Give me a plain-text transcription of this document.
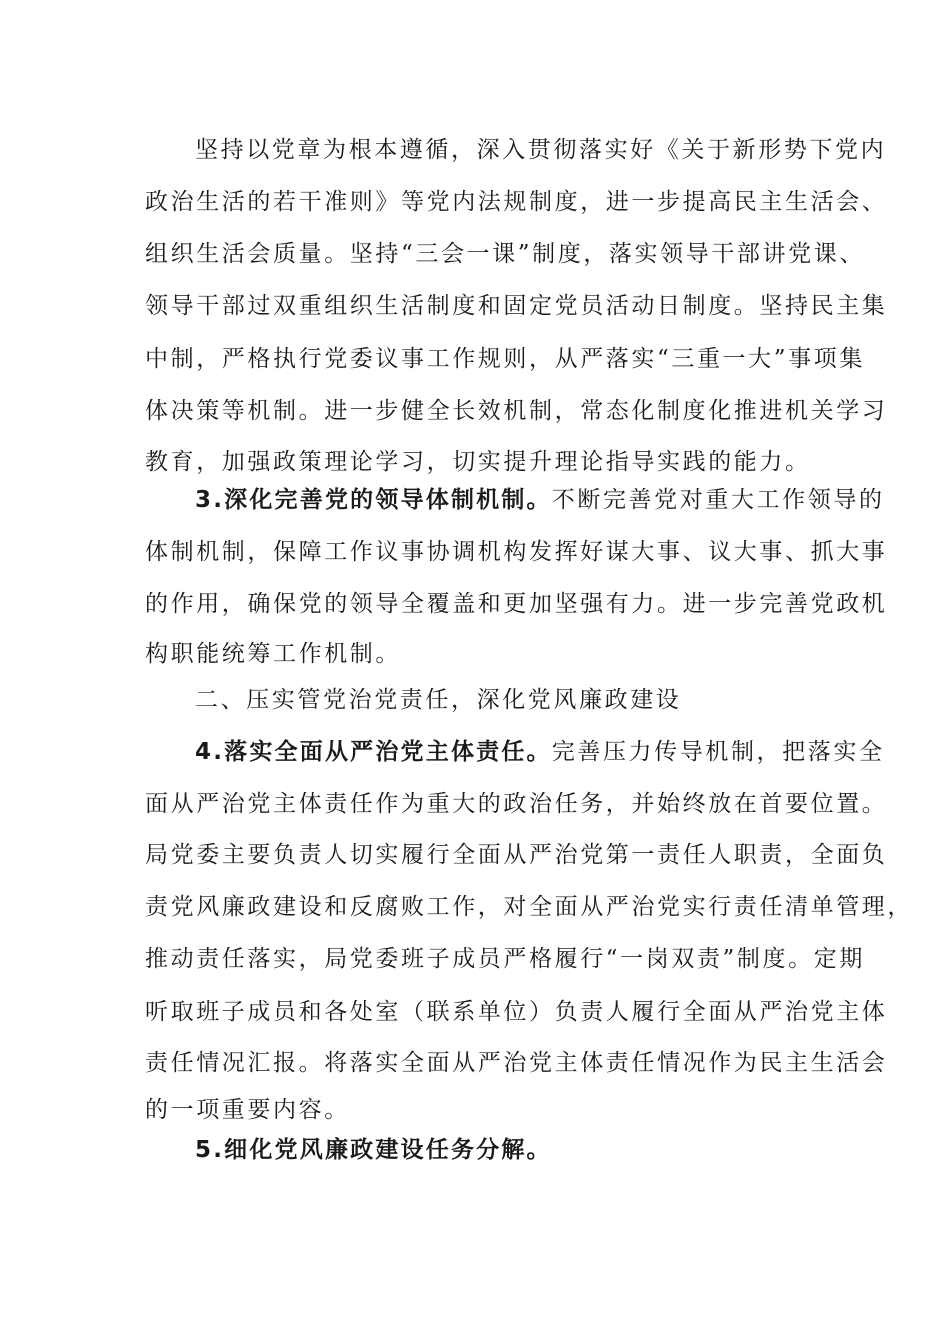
坚持以党章为根本遵循，深入贯彻落实好《关于新形势下党内
政治生活的若干准则》等党内法规制度，进一步提高民主生活会、
组织生活会质量。坚持“三会一课”制度，落实领导干部讲党课、
领导干部过双重组织生活制度和固定党员活动日制度。坚持民主集
中制，严格执行党委议事工作规则，从严落实“三重一大”事项集
体决策等机制。进一步健全长效机制，常态化制度化推进机关学习
教育，加强政策理论学习，切实提升理论指导实践的能力。
3.深化完善党的领导体制机制。不断完善党对重大工作领导的
体制机制，保障工作议事协调机构发挥好谋大事、议大事、抓大事
的作用，确保党的领导全覆盖和更加坚强有力。进一步完善党政机
构职能统筹工作机制。
二、压实管党治党责任，深化党风廉政建设
4.落实全面从严治党主体责任。完善压力传导机制，把落实全
面从严治党主体责任作为重大的政治任务，并始终放在首要位置。
局党委主要负责人切实履行全面从严治党第一责任人职责，全面负
责党风廉政建设和反腐败工作，对全面从严治党实行责任清单管理，
推动责任落实，局党委班子成员严格履行“一岗双责”制度。定期
听取班子成员和各处室（联系单位）负责人履行全面从严治党主体
责任情况汇报。将落实全面从严治党主体责任情况作为民主生活会
的一项重要内容。
5.细化党风廉政建设任务分解。
